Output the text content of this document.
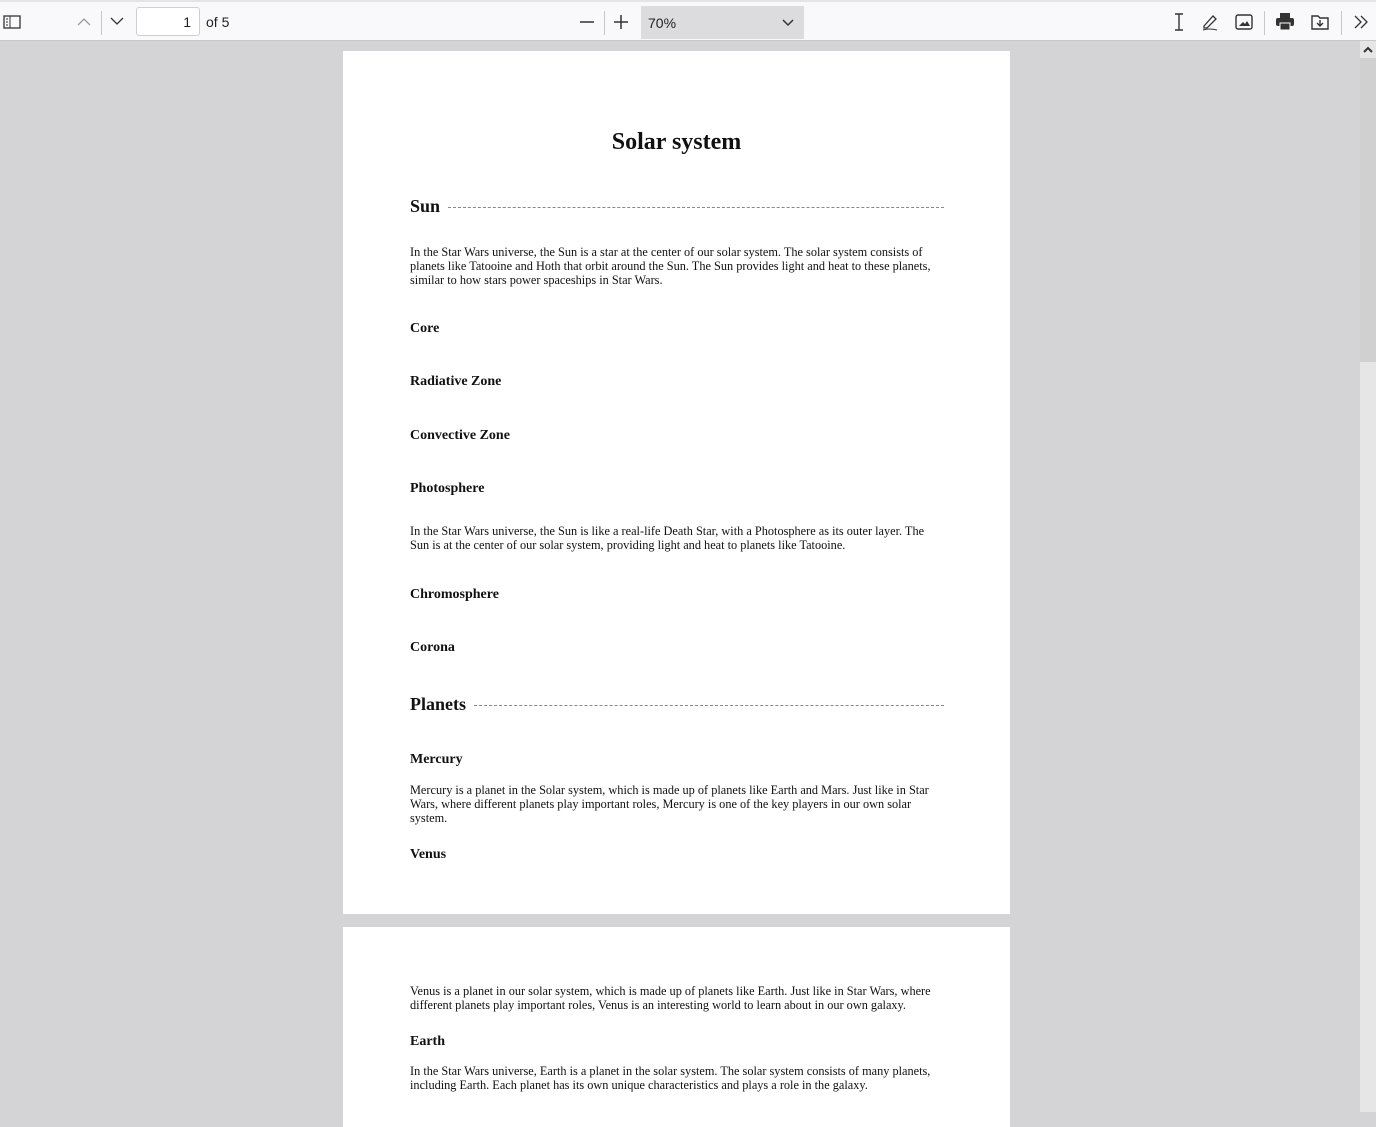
1	of 5	70%
Solar system
Sun
In the Star Wars universe, the Sun is a star at the center of our solar system. The solar system consists of planets like Tatooine and Hoth that orbit around the Sun. The Sun provides light and heat to these planets, similar to how stars power spaceships in Star Wars.
Core
Radiative Zone
Convective Zone
Photosphere
In the Star Wars universe, the Sun is like a real-life Death Star, with a Photosphere as its outer layer. The Sun is at the center of our solar system, providing light and heat to planets like Tatooine.
Chromosphere
Corona
Planets
Mercury
Mercury is a planet in the Solar system, which is made up of planets like Earth and Mars. Just like in Star Wars, where different planets play important roles, Mercury is one of the key players in our own solar system.
Venus
Venus is a planet in our solar system, which is made up of planets like Earth. Just like in Star Wars, where different planets play important roles, Venus is an interesting world to learn about in our own galaxy.
Earth
In the Star Wars universe, Earth is a planet in the solar system. The solar system consists of many planets, including Earth. Each planet has its own unique characteristics and plays a role in the galaxy.
